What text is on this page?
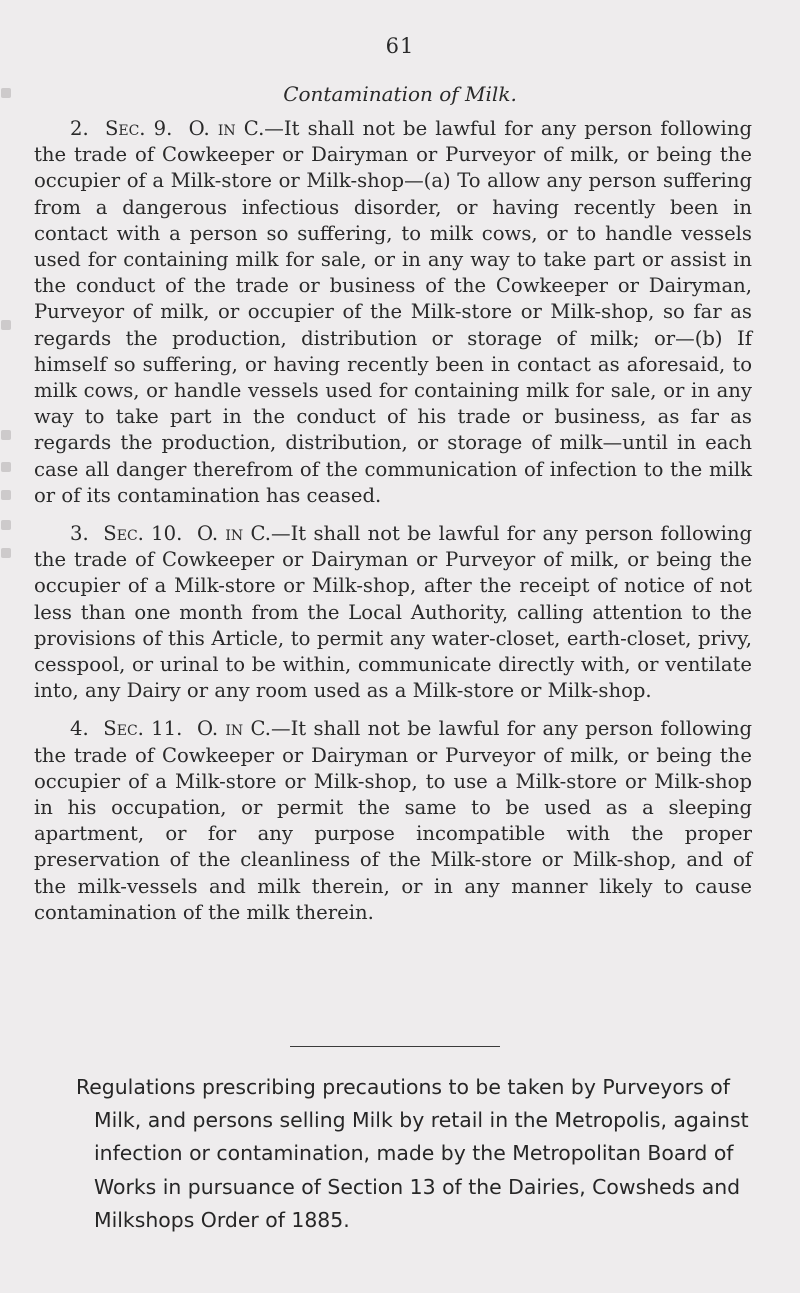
61
Contamination of Milk.

2. Sec. 9. O. in C.—It shall not be lawful for any person following the trade of Cowkeeper or Dairyman or Purveyor of milk, or being the occupier of a Milk-store or Milk-shop—(a) To allow any person suffering from a dangerous infectious disorder, or having recently been in contact with a person so suffering, to milk cows, or to handle vessels used for containing milk for sale, or in any way to take part or assist in the conduct of the trade or business of the Cowkeeper or Dairyman, Purveyor of milk, or occupier of the Milk-store or Milk-shop, so far as regards the production, distribution or storage of milk; or—(b) If himself so suffering, or having recently been in contact as aforesaid, to milk cows, or handle vessels used for containing milk for sale, or in any way to take part in the conduct of his trade or business, as far as regards the production, distribution, or storage of milk—until in each case all danger therefrom of the communication of infection to the milk or of its contamination has ceased.

3. Sec. 10. O. in C.—It shall not be lawful for any person following the trade of Cowkeeper or Dairyman or Purveyor of milk, or being the occupier of a Milk-store or Milk-shop, after the receipt of notice of not less than one month from the Local Authority, calling attention to the provisions of this Article, to permit any water-closet, earth-closet, privy, cesspool, or urinal to be within, communicate directly with, or ventilate into, any Dairy or any room used as a Milk-store or Milk-shop.

4. Sec. 11. O. in C.—It shall not be lawful for any person following the trade of Cowkeeper or Dairyman or Purveyor of milk, or being the occupier of a Milk-store or Milk-shop, to use a Milk-store or Milk-shop in his occupation, or permit the same to be used as a sleeping apartment, or for any purpose incompatible with the proper preservation of the cleanliness of the Milk-store or Milk-shop, and of the milk-vessels and milk therein, or in any manner likely to cause contamination of the milk therein.

Regulations prescribing precautions to be taken by Purveyors of Milk, and persons selling Milk by retail in the Metropolis, against infection or contamination, made by the Metropolitan Board of Works in pursuance of Section 13 of the Dairies, Cowsheds and Milkshops Order of 1885.
